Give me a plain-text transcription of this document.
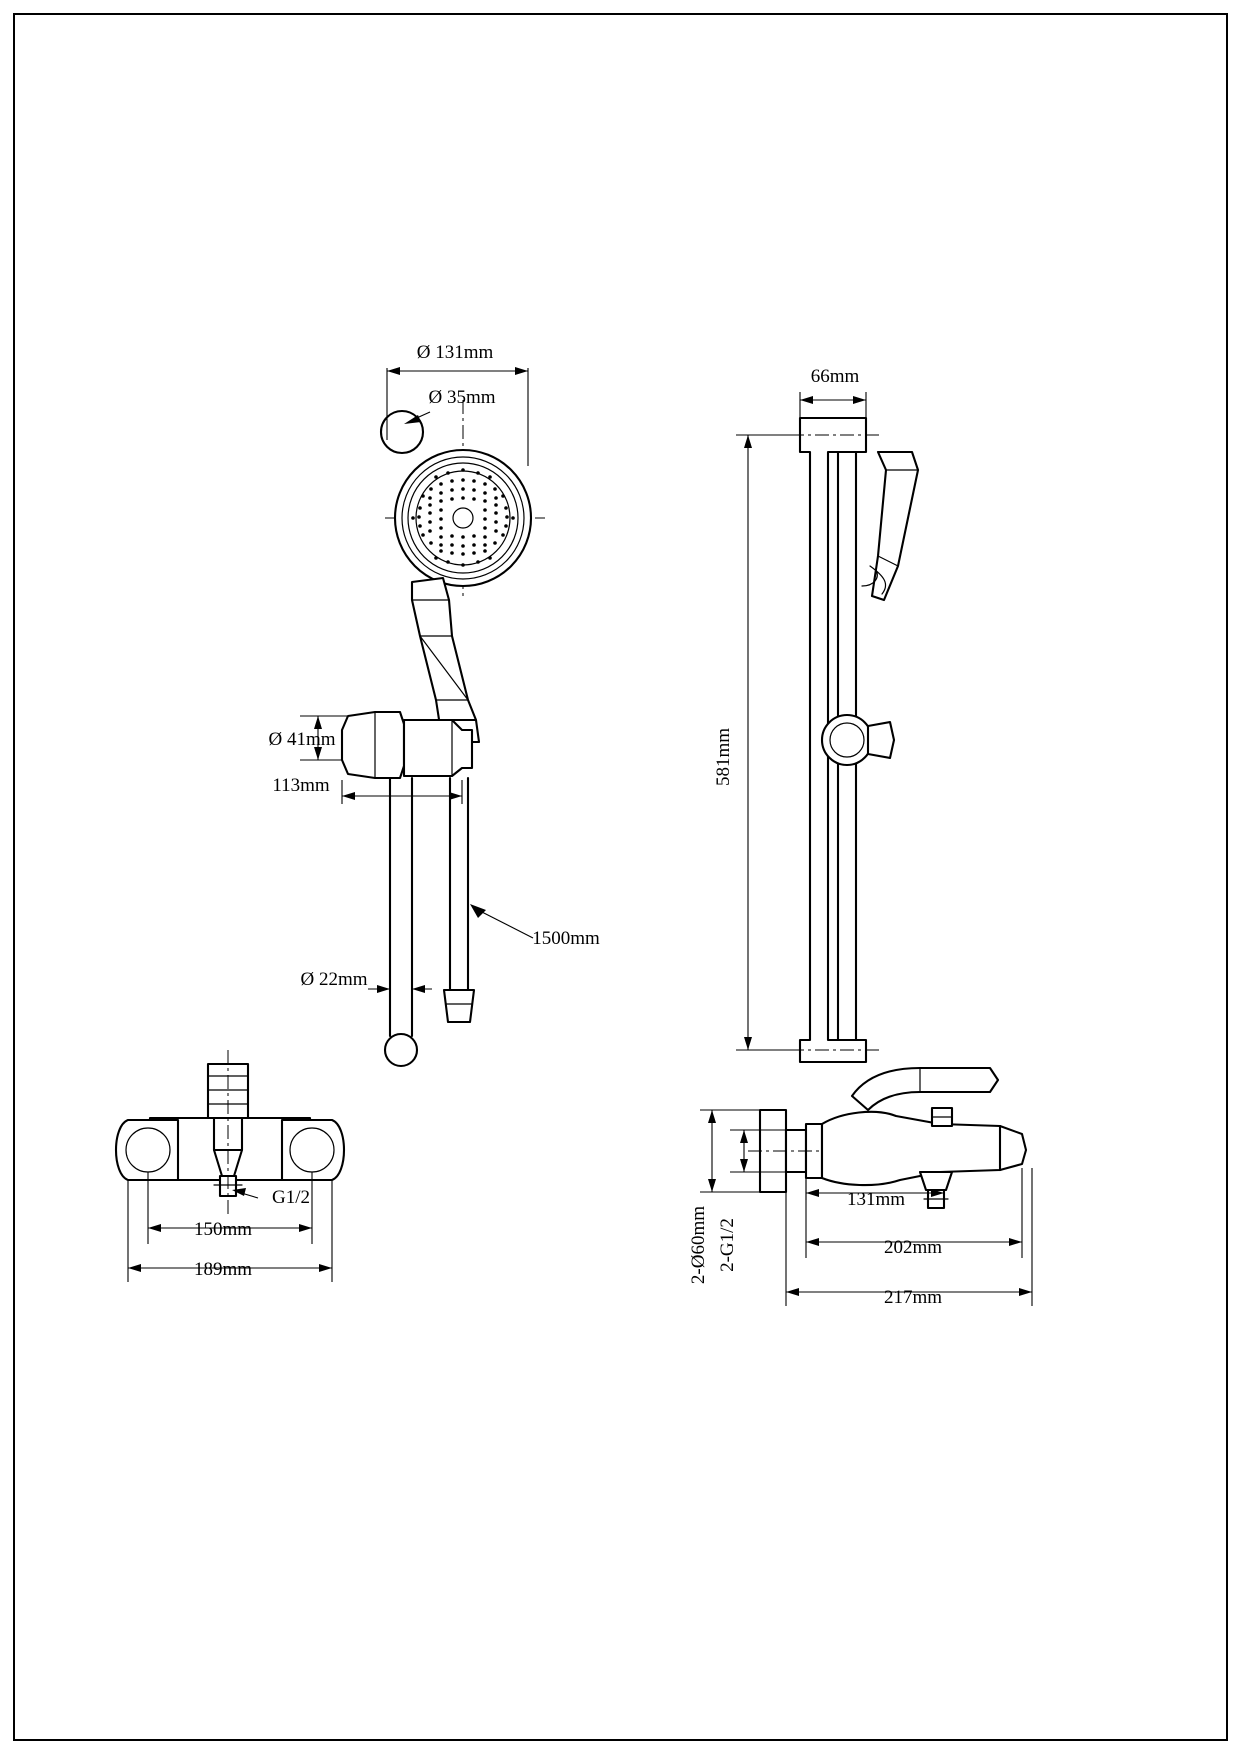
Ø 131mm
Ø 35mm
Ø 41mm
113mm
1500mm
Ø 22mm
66mm
581mm
G1/2
150mm
189mm	2-Ø60mm 2-G1/2
131mm
202mm
217mm
